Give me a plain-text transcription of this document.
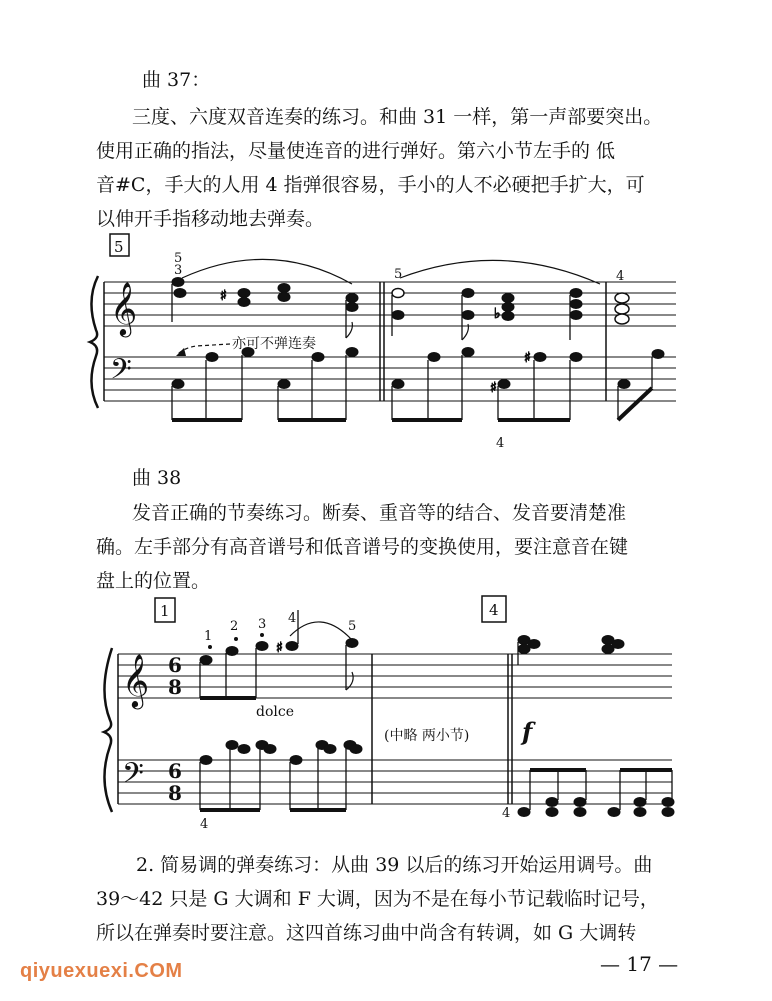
曲 37：
三度、六度双音连奏的练习。和曲 31 一样，第一声部要突出。
使用正确的指法，尽量使连音的进行弹好。第六小节左手的 低
音#C，手大的人用 4 指弹很容易，手小的人不必硬把手扩大，可
以伸开手指移动地去弹奏。
曲 38
发音正确的节奏练习。断奏、重音等的结合、发音要清楚准
确。左手部分有高音谱号和低音谱号的变换使用，要注意音在键
盘上的位置。
2. 简易调的弹奏练习：从曲 39 以后的练习开始运用调号。曲
39～42 只是 G 大调和 F 大调，因为不是在每小节记载临时记号，
所以在弹奏时要注意。这四首练习曲中尚含有转调，如 G 大调转
5
𝄞
𝄢
5
3	5	4
4
♯
♭
♯
♯
亦可不弹连奏
1	4
𝄞
𝄢
6
8
6
8
1
2 3 4
5
4
4
♯
dolce
(中略 两小节) f
qiyuexuexi.COM	— 17 —
